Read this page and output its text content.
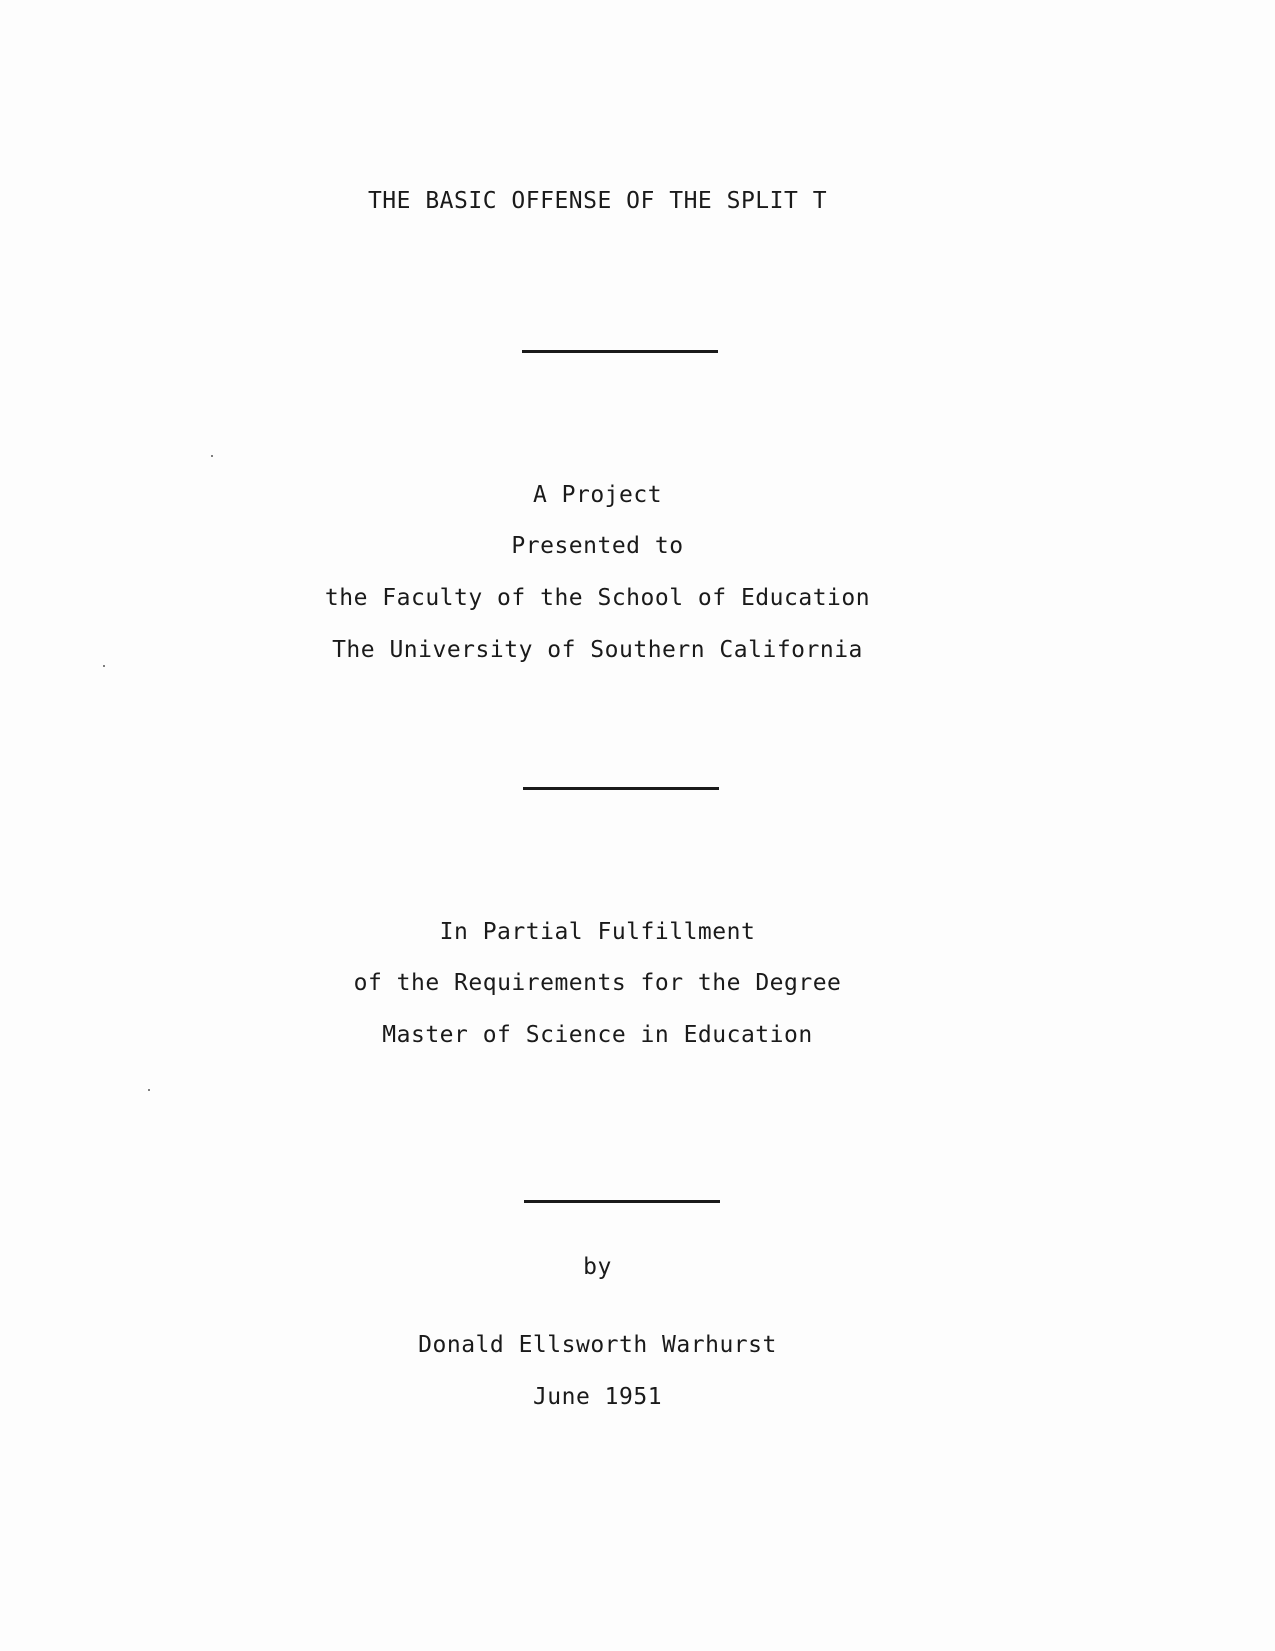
THE BASIC OFFENSE OF THE SPLIT T
A Project
Presented to
the Faculty of the School of Education
The University of Southern California
In Partial Fulfillment
of the Requirements for the Degree
Master of Science in Education
by
Donald Ellsworth Warhurst
June 1951
